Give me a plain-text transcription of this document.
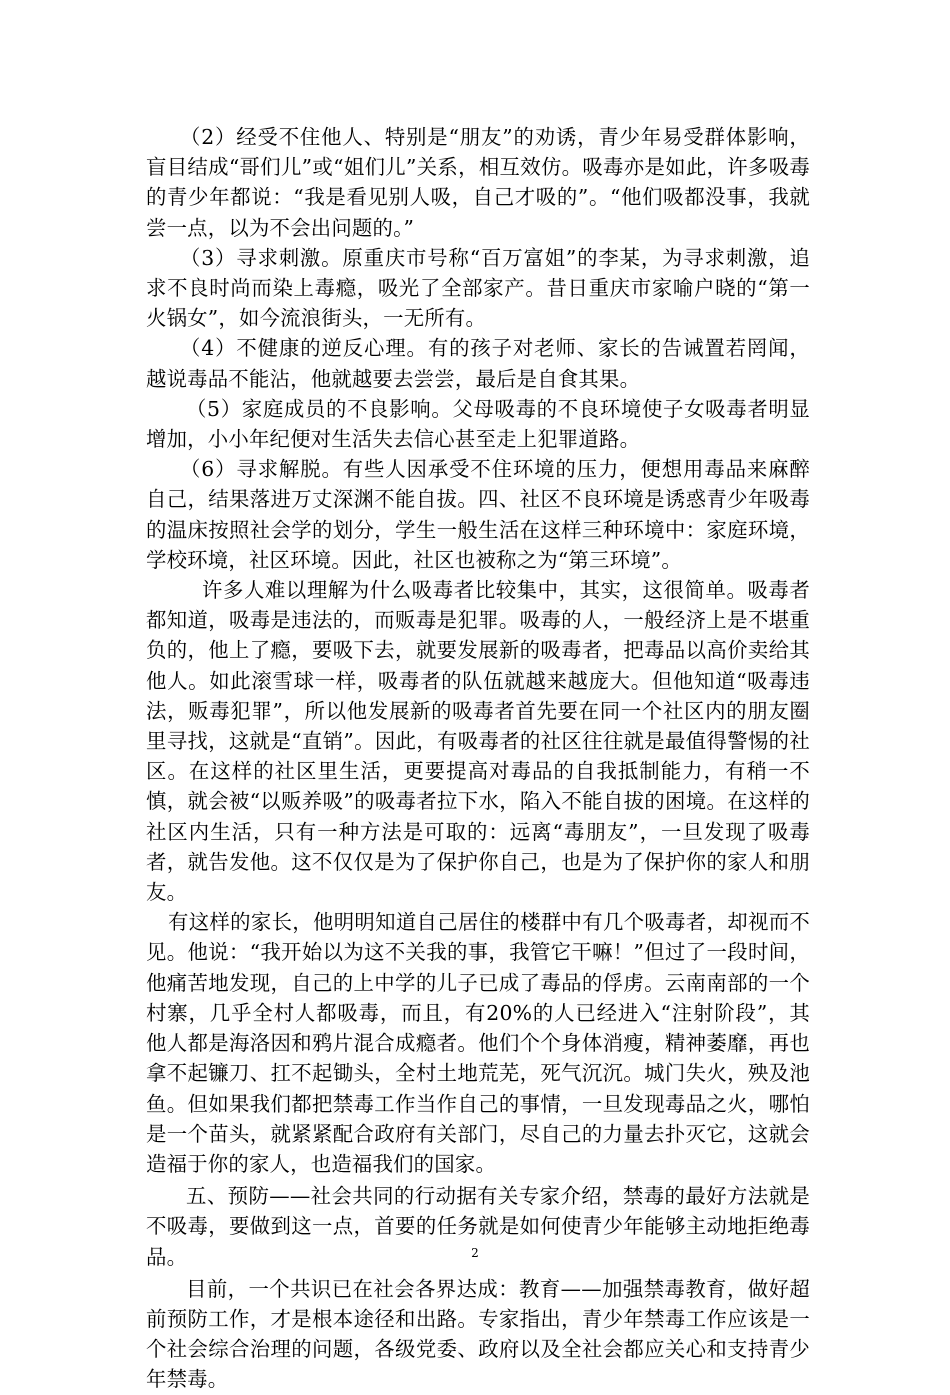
（2）经受不住他人、特别是“朋友”的劝诱，青少年易受群体影响，盲目结成“哥们儿”或“姐们儿”关系，相互效仿。吸毒亦是如此，许多吸毒的青少年都说：“我是看见别人吸，自己才吸的”。“他们吸都没事，我就尝一点，以为不会出问题的。”

（3）寻求刺激。原重庆市号称“百万富姐”的李某，为寻求刺激，追求不良时尚而染上毒瘾，吸光了全部家产。昔日重庆市家喻户晓的“第一火锅女”，如今流浪街头，一无所有。

（4）不健康的逆反心理。有的孩子对老师、家长的告诫置若罔闻，越说毒品不能沾，他就越要去尝尝，最后是自食其果。

（5）家庭成员的不良影响。父母吸毒的不良环境使子女吸毒者明显增加，小小年纪便对生活失去信心甚至走上犯罪道路。

（6）寻求解脱。有些人因承受不住环境的压力，便想用毒品来麻醉自己，结果落进万丈深渊不能自拔。四、社区不良环境是诱惑青少年吸毒的温床按照社会学的划分，学生一般生活在这样三种环境中：家庭环境，学校环境，社区环境。因此，社区也被称之为“第三环境”。

许多人难以理解为什么吸毒者比较集中，其实，这很简单。吸毒者都知道，吸毒是违法的，而贩毒是犯罪。吸毒的人，一般经济上是不堪重负的，他上了瘾，要吸下去，就要发展新的吸毒者，把毒品以高价卖给其他人。如此滚雪球一样，吸毒者的队伍就越来越庞大。但他知道“吸毒违法，贩毒犯罪”，所以他发展新的吸毒者首先要在同一个社区内的朋友圈里寻找，这就是“直销”。因此，有吸毒者的社区往往就是最值得警惕的社区。在这样的社区里生活，更要提高对毒品的自我抵制能力，有稍一不慎，就会被“以贩养吸”的吸毒者拉下水，陷入不能自拔的困境。在这样的社区内生活，只有一种方法是可取的：远离“毒朋友”，一旦发现了吸毒者，就告发他。这不仅仅是为了保护你自己，也是为了保护你的家人和朋友。

有这样的家长，他明明知道自己居住的楼群中有几个吸毒者，却视而不见。他说：“我开始以为这不关我的事，我管它干嘛！”但过了一段时间，他痛苦地发现，自己的上中学的儿子已成了毒品的俘虏。云南南部的一个村寨，几乎全村人都吸毒，而且，有20%的人已经进入“注射阶段”，其他人都是海洛因和鸦片混合成瘾者。他们个个身体消瘦，精神萎靡，再也拿不起镰刀、扛不起锄头，全村土地荒芜，死气沉沉。城门失火，殃及池鱼。但如果我们都把禁毒工作当作自己的事情，一旦发现毒品之火，哪怕是一个苗头，就紧紧配合政府有关部门，尽自己的力量去扑灭它，这就会造福于你的家人，也造福我们的国家。

五、预防——社会共同的行动据有关专家介绍，禁毒的最好方法就是不吸毒，要做到这一点，首要的任务就是如何使青少年能够主动地拒绝毒品。

目前，一个共识已在社会各界达成：教育——加强禁毒教育，做好超前预防工作，才是根本途径和出路。专家指出，青少年禁毒工作应该是一个社会综合治理的问题，各级党委、政府以及全社会都应关心和支持青少年禁毒。

2
